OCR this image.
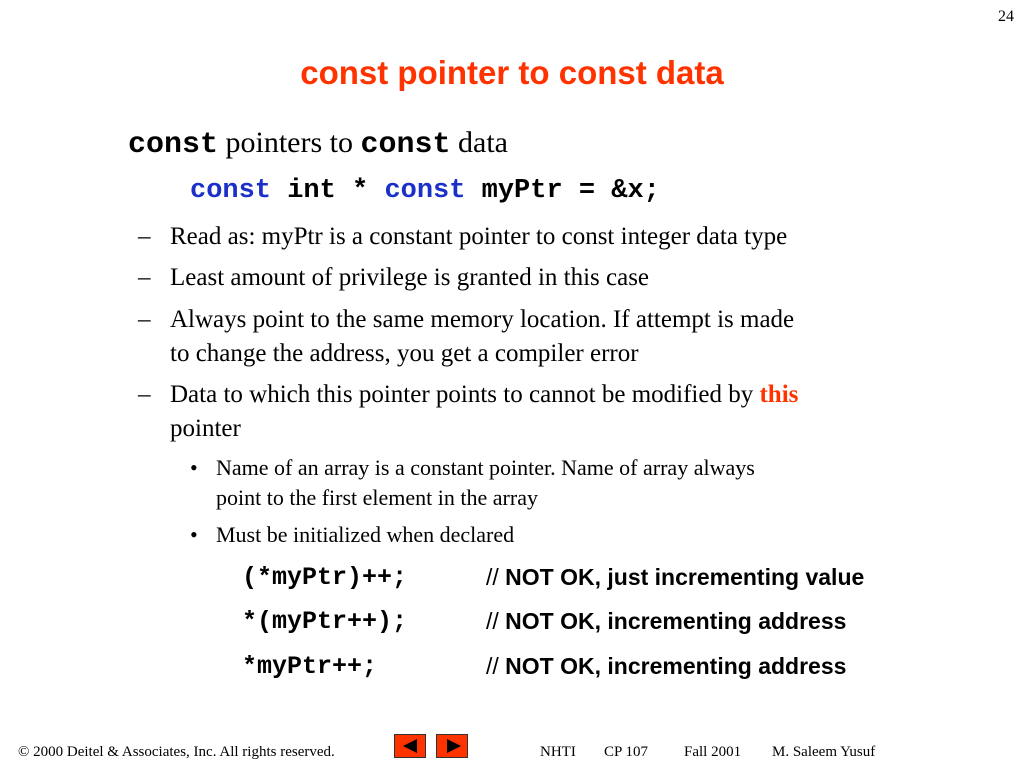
24
const pointer to const data
const pointers to const data
const int * const myPtr = &x;
– Read as: myPtr is a constant pointer to const integer data type
– Least amount of privilege is granted in this case
– Always point to the same memory location. If attempt is made
to change the address, you get a compiler error
– Data to which this pointer points to cannot be modified by this
pointer
• Name of an array is a constant pointer. Name of array always
point to the first element in the array
• Must be initialized when declared
(*myPtr)++;	// NOT OK, just incrementing value
*(myPtr++);	// NOT OK, incrementing address
*myPtr++;	// NOT OK, incrementing address
© 2000 Deitel & Associates, Inc. All rights reserved.	NHTI CP 107 Fall 2001 M. Saleem Yusuf
